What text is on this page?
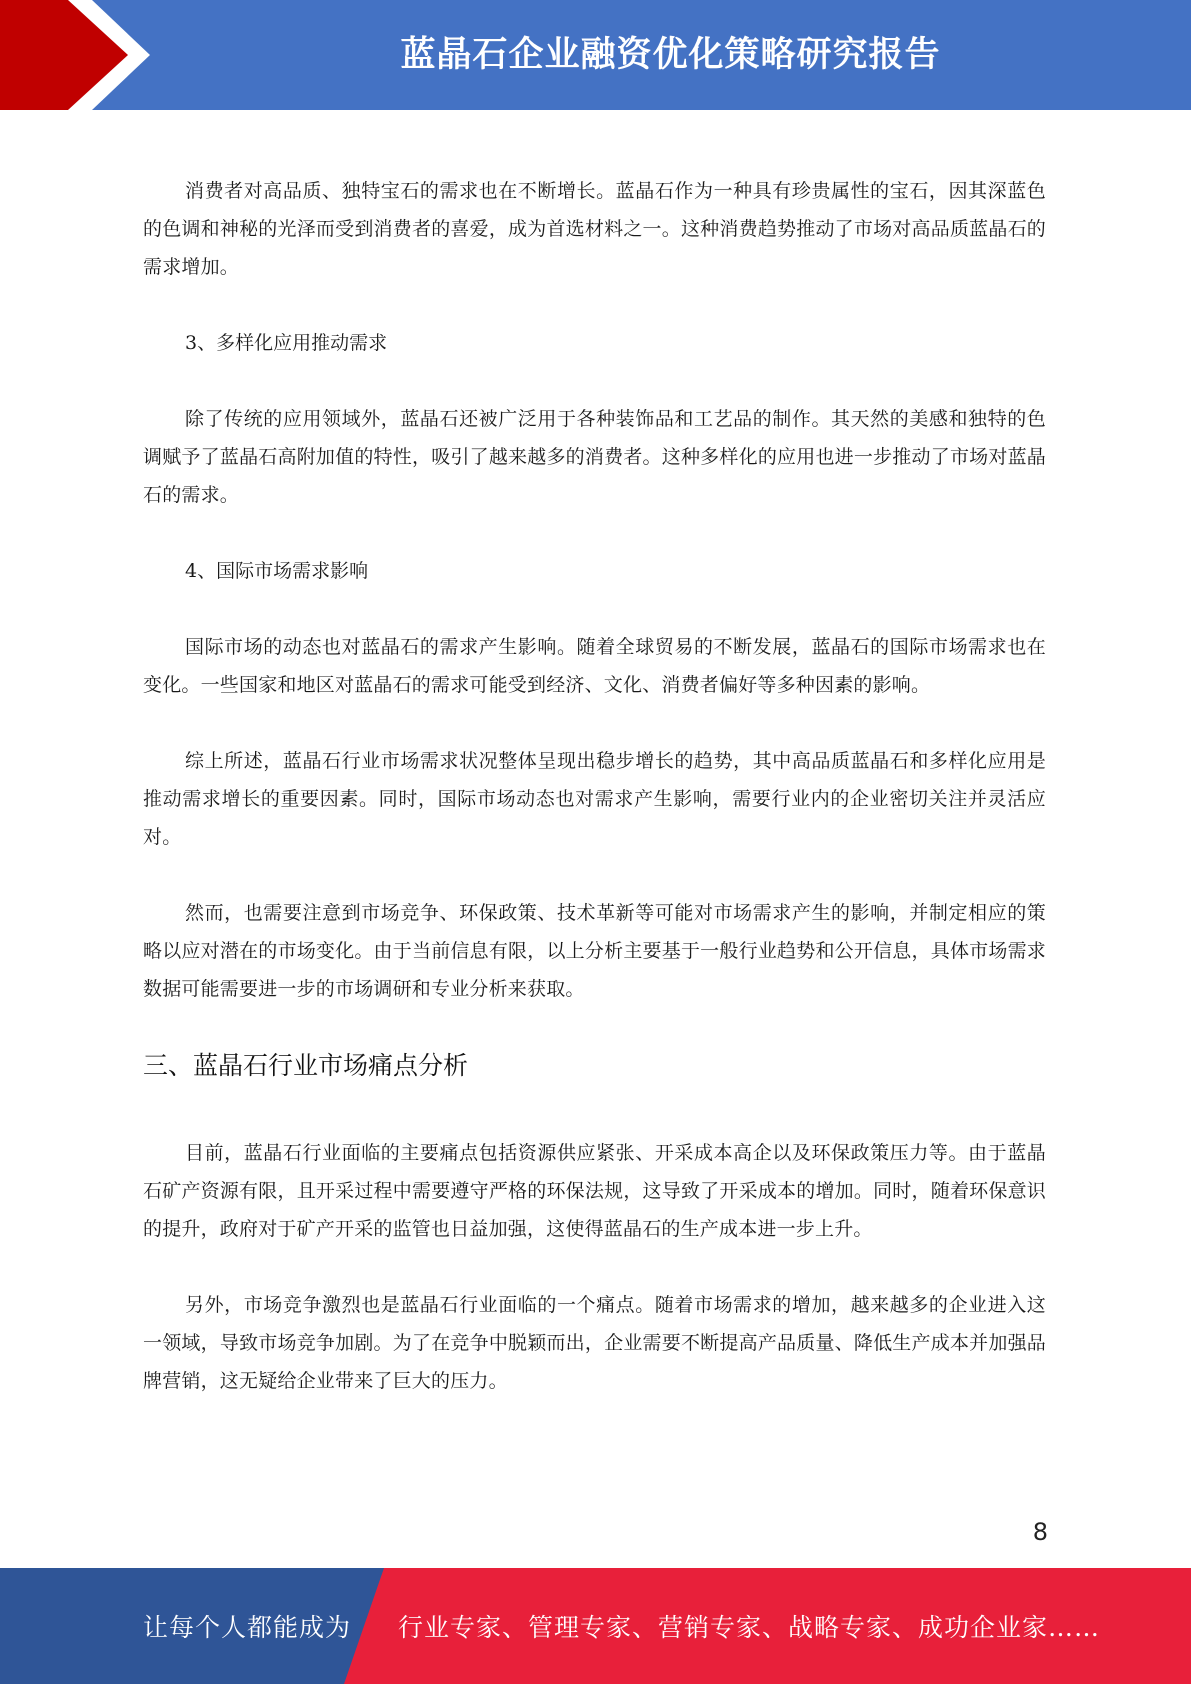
蓝晶石企业融资优化策略研究报告

消费者对高品质、独特宝石的需求也在不断增长。蓝晶石作为一种具有珍贵属性的宝石，因其深蓝色的色调和神秘的光泽而受到消费者的喜爱，成为首选材料之一。这种消费趋势推动了市场对高品质蓝晶石的需求增加。

3、多样化应用推动需求

除了传统的应用领域外，蓝晶石还被广泛用于各种装饰品和工艺品的制作。其天然的美感和独特的色调赋予了蓝晶石高附加值的特性，吸引了越来越多的消费者。这种多样化的应用也进一步推动了市场对蓝晶石的需求。

4、国际市场需求影响

国际市场的动态也对蓝晶石的需求产生影响。随着全球贸易的不断发展，蓝晶石的国际市场需求也在变化。一些国家和地区对蓝晶石的需求可能受到经济、文化、消费者偏好等多种因素的影响。

综上所述，蓝晶石行业市场需求状况整体呈现出稳步增长的趋势，其中高品质蓝晶石和多样化应用是推动需求增长的重要因素。同时，国际市场动态也对需求产生影响，需要行业内的企业密切关注并灵活应对。

然而，也需要注意到市场竞争、环保政策、技术革新等可能对市场需求产生的影响，并制定相应的策略以应对潜在的市场变化。由于当前信息有限，以上分析主要基于一般行业趋势和公开信息，具体市场需求数据可能需要进一步的市场调研和专业分析来获取。

三、蓝晶石行业市场痛点分析

目前，蓝晶石行业面临的主要痛点包括资源供应紧张、开采成本高企以及环保政策压力等。由于蓝晶石矿产资源有限，且开采过程中需要遵守严格的环保法规，这导致了开采成本的增加。同时，随着环保意识的提升，政府对于矿产开采的监管也日益加强，这使得蓝晶石的生产成本进一步上升。

另外，市场竞争激烈也是蓝晶石行业面临的一个痛点。随着市场需求的增加，越来越多的企业进入这一领域，导致市场竞争加剧。为了在竞争中脱颖而出，企业需要不断提高产品质量、降低生产成本并加强品牌营销，这无疑给企业带来了巨大的压力。

8
让每个人都能成为 行业专家、管理专家、营销专家、战略专家、成功企业家……
